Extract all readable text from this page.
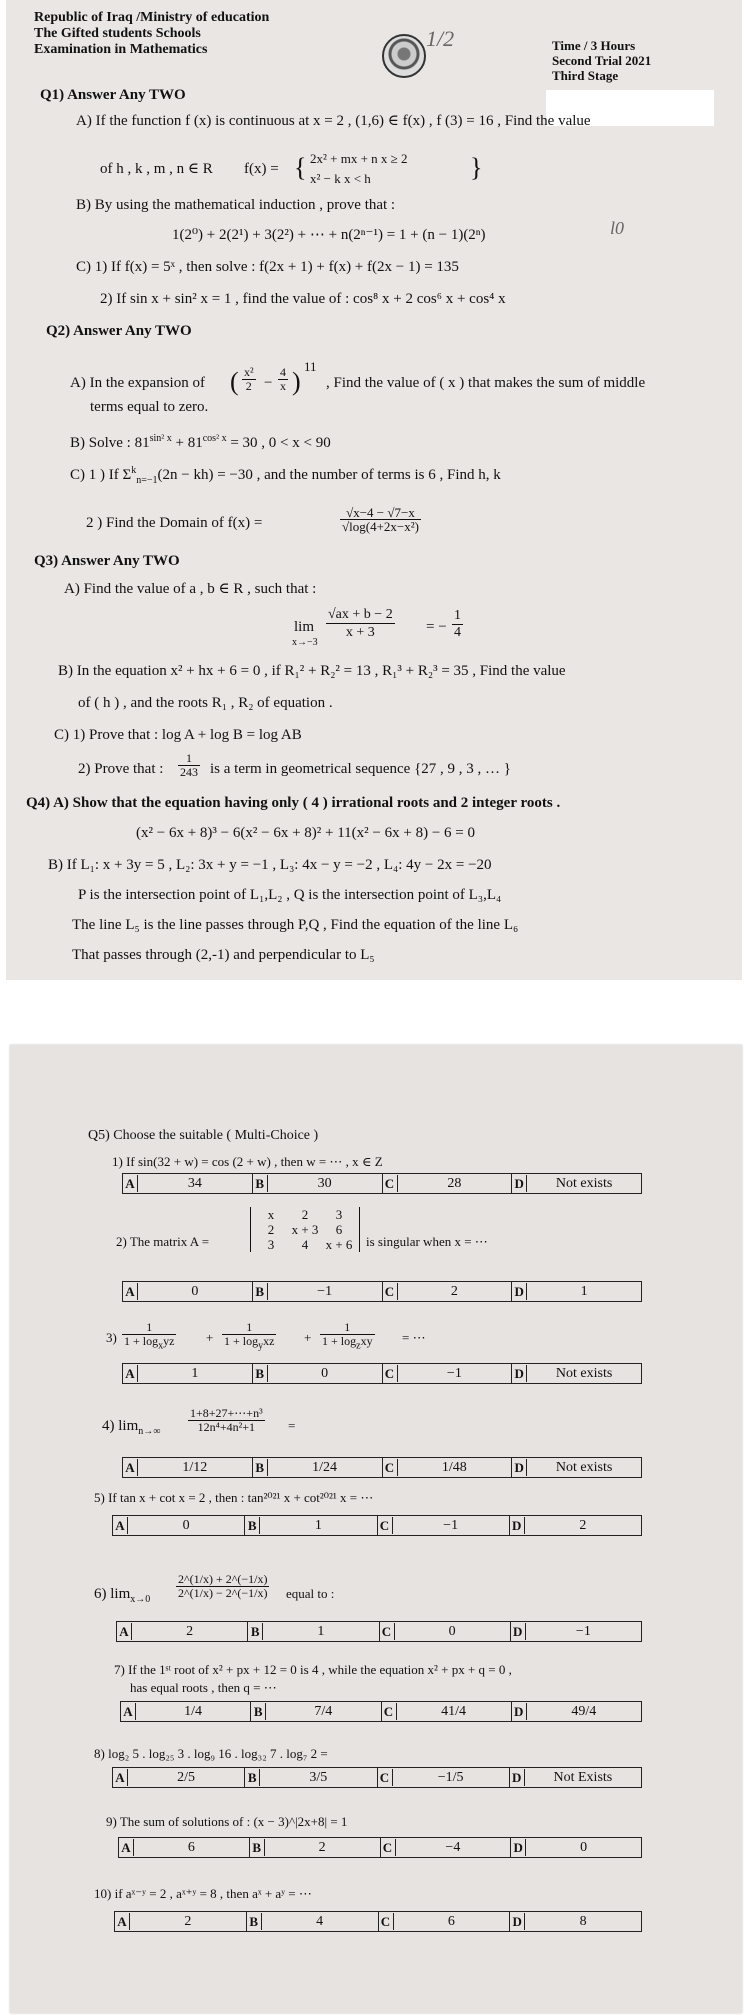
Republic of Iraq /Ministry of education
The Gifted students Schools
Examination in Mathematics	1/2	Time / 3 Hours
Second Trial 2021
Third Stage
Q1) Answer Any TWO
A) If the function f (x) is continuous at x = 2 , (1,6) ∈ f(x) , f (3) = 16 , Find the value
of h , k , m , n ∈ R f(x) = { 2x² + mx + n x ≥ 2
x² − k x < h	}
B) By using the mathematical induction , prove that :
1(2⁰) + 2(2¹) + 3(2²) + ⋯ + n(2ⁿ⁻¹) = 1 + (n − 1)(2ⁿ)	l0
C) 1) If f(x) = 5ˣ , then solve : f(2x + 1) + f(x) + f(2x − 1) = 135
2) If sin x + sin² x = 1 , find the value of : cos⁸ x + 2 cos⁶ x + cos⁴ x
Q2) Answer Any TWO
A) In the expansion of ( $\frac{\text{x²}}{2} - \frac{4}{x}$ )
11
, Find the value of ( x ) that makes the sum of middle
terms equal to zero.
B) Solve : $81^{sin^2 x} + 81^{cos^2 x} = 30$ , 0 < x < 90
C) 1 ) If $\Sigma^k_{n=-1}(2n - kh) = -30$ , and the number of terms is 6 , Find h, k
2 ) Find the Domain of f(x) =	$\frac{√x-4 - √7-x}{\text{√log(4+2x−x²)}}$
Q3) Answer Any TWO
A) Find the value of a , b ∈ R , such that :
lim
x→−3
$\frac{√ax + b - 2}{x + 3}$ = − $\frac{1}{4}$
B) In the equation x² + hx + 6 = 0 , if R₁² + R₂² = 13 , R₁³ + R₂³ = 35 , Find the value
of ( h ) , and the roots R₁ , R₂ of equation .
C) 1) Prove that : log A + log B = log AB
2) Prove that : $\frac{1}{243}$ is a term in geometrical sequence {27 , 9 , 3 , … }
Q4) A) Show that the equation having only ( 4 ) irrational roots and 2 integer roots .
(x² − 6x + 8)³ − 6(x² − 6x + 8)² + 11(x² − 6x + 8) − 6 = 0
B) If L₁: x + 3y = 5 , L₂: 3x + y = −1 , L₃: 4x − y = −2 , L₄: 4y − 2x = −20
P is the intersection point of L₁,L₂ , Q is the intersection point of L₃,L₄
The line L₅ is the line passes through P,Q , Find the equation of the line L₆
That passes through (2,-1) and perpendicular to L₅
Q5) Choose the suitable ( Multi-Choice )
1) If sin(32 + w) = cos (2 + w) , then w = ⋯ , x ∈ Z
A	34	B	30	C	28	D	Not exists
2) The matrix A =
x	2	3
2	x + 3	6
3	4	x + 6 is singular when x = ⋯
A	0	B	−1	C	2	D	1
3)
1
$1 + \log_xyz$ +
1
$1 + \log_yxz$ +
1
$1 + \log_zxy$ = ⋯
A	1	B	0	C	−1	D	Not exists
4) $\lim_{n\to\infty} \frac{\text{1+8+27+⋯+n³}}{\text{12n⁴+4n²+1}}$ =
A	1/12	B	1/24	C	1/48	D	Not exists
5) If tan x + cot x = 2 , then : tan²⁰²¹ x + cot²⁰²¹ x = ⋯
A	0	B	1	C	−1	D	2
6) $\lim_{x\to 0} \frac{2\^{}(1/x) + 2\^{}(-1/x)}{2\^{}(1/x) - 2\^{}(-1/x)}$ equal to :
A	2	B	1	C	0	D	−1
7) If the 1ˢᵗ root of x² + px + 12 = 0 is 4 , while the equation x² + px + q = 0 ,
has equal roots , then q = ⋯
A	1/4	B	7/4	C	41/4	D	49/4
8) log₂ 5 . log₂₅ 3 . log₉ 16 . log₃₂ 7 . log₇ 2 =
A	2/5	B	3/5	C	−1/5	D	Not Exists
9) The sum of solutions of : (x − 3)^|2x+8| = 1
A	6	B	2	C	−4	D	0
10) if aˣ⁻ʸ = 2 , aˣ⁺ʸ = 8 , then aˣ + aʸ = ⋯
A	2	B	4	C	6	D	8
